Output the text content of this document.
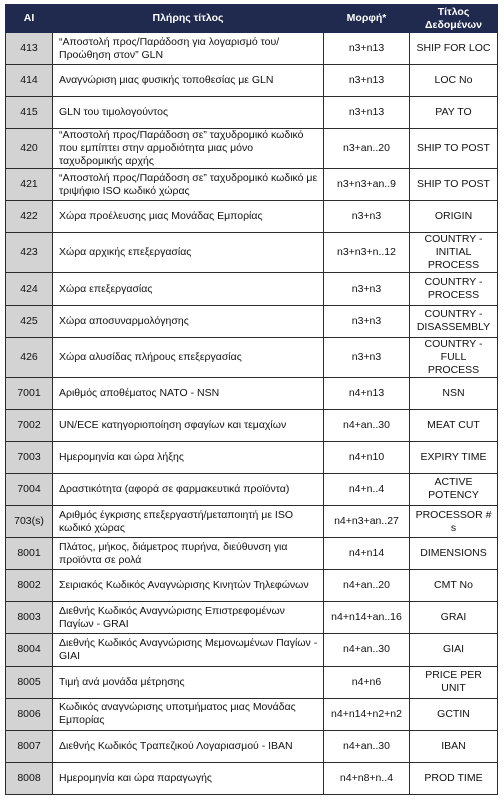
AI	Πλήρης τίτλος	Μορφή*	Τίτλος Δεδομένων
413	“Αποστολή προς/Παράδοση για λογαρισμό του/Προώθηση στον” GLN	n3+n13	SHIP FOR LOC
414	Αναγνώριση μιας φυσικής τοποθεσίας με GLN	n3+n13	LOC No
415	GLN του τιμολογούντος	n3+n13	PAY TO
420	“Αποστολή προς/Παράδοση σε” ταχυδρομικό κωδικό που εμπίπτει στην αρμοδιότητα μιας μόνο ταχυδρομικής αρχής	n3+an..20	SHIP TO POST
421	“Αποστολή προς/Παράδοση σε” ταχυδρομικό κωδικό με τριψήφιο ISO κωδικό χώρας	n3+n3+an..9	SHIP TO POST
422	Χώρα προέλευσης μιας Μονάδας Εμπορίας	n3+n3	ORIGIN
423	Χώρα αρχικής επεξεργασίας	n3+n3+n..12	COUNTRY - INITIAL PROCESS
424	Χώρα επεξεργασίας	n3+n3	COUNTRY - PROCESS
425	Χώρα αποσυναρμολόγησης	n3+n3	COUNTRY - DISASSEMBLY
426	Χώρα αλυσίδας πλήρους επεξεργασίας	n3+n3	COUNTRY - FULL PROCESS
7001	Αριθμός αποθέματος ΝΑΤΟ - NSN	n4+n13	NSN
7002	UN/ECE κατηγοριοποίηση σφαγίων και τεμαχίων	n4+an..30	MEAT CUT
7003	Ημερομηνία και ώρα λήξης	n4+n10	EXPIRY TIME
7004	Δραστικότητα (αφορά σε φαρμακευτικά προϊόντα)	n4+n..4	ACTIVE POTENCY
703(s)	Αριθμός έγκρισης επεξεργαστή/μεταποιητή με ISO κωδικό χώρας	n4+n3+an..27	PROCESSOR # s
8001	Πλάτος, μήκος, διάμετρος πυρήνα, διεύθυνση για προϊόντα σε ρολά	n4+n14	DIMENSIONS
8002	Σειριακός Κωδικός Αναγνώρισης Κινητών Τηλεφώνων	n4+an..20	CMT No
8003	Διεθνής Κωδικός Αναγνώρισης Επιστρεφομένων Παγίων - GRAI	n4+n14+an..16	GRAI
8004	Διεθνής Κωδικός Αναγνώρισης Μεμονωμένων Παγίων - GIAI	n4+an..30	GIAI
8005	Τιμή ανά μονάδα μέτρησης	n4+n6	PRICE PER UNIT
8006	Κωδικός αναγνώρισης υποτμήματος μιας Μονάδας Εμπορίας	n4+n14+n2+n2	GCTIN
8007	Διεθνής Κωδικός Τραπεζικού Λογαριασμού - IBAN	n4+an..30	IBAN
8008	Ημερομηνία και ώρα παραγωγής	n4+n8+n..4	PROD TIME
